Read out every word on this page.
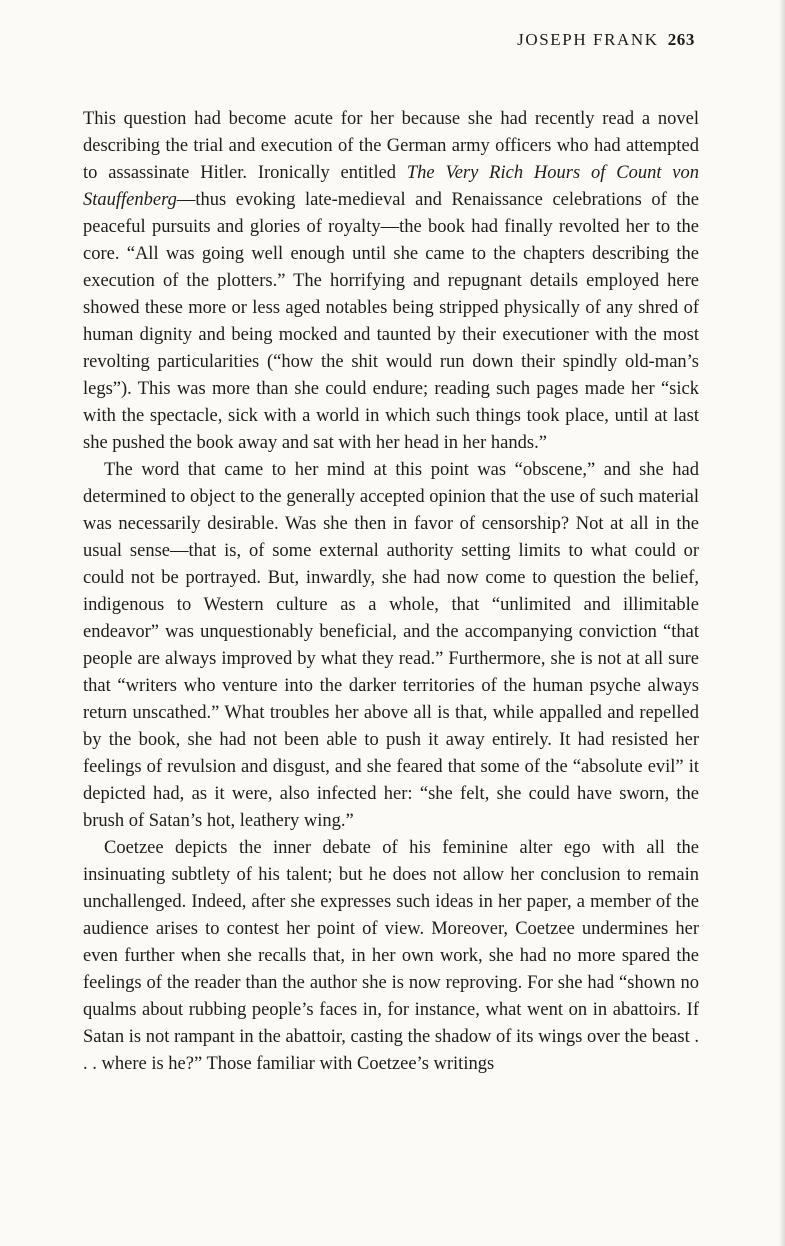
JOSEPH FRANK 263

This question had become acute for her because she had recently read a novel describing the trial and execution of the German army officers who had attempted to assassinate Hitler. Ironically entitled The Very Rich Hours of Count von Stauffenberg—thus evoking late-medieval and Renaissance celebrations of the peaceful pursuits and glories of royalty—the book had finally revolted her to the core. “All was going well enough until she came to the chapters describing the execution of the plotters.” The horrifying and repugnant details employed here showed these more or less aged notables being stripped physically of any shred of human dignity and being mocked and taunted by their executioner with the most revolting particularities (“how the shit would run down their spindly old-man’s legs”). This was more than she could endure; reading such pages made her “sick with the spectacle, sick with a world in which such things took place, until at last she pushed the book away and sat with her head in her hands.”

The word that came to her mind at this point was “obscene,” and she had determined to object to the generally accepted opinion that the use of such material was necessarily desirable. Was she then in favor of censorship? Not at all in the usual sense—that is, of some external authority setting limits to what could or could not be portrayed. But, inwardly, she had now come to question the belief, indigenous to Western culture as a whole, that “unlimited and illimitable endeavor” was unquestionably beneficial, and the accompanying conviction “that people are always improved by what they read.” Furthermore, she is not at all sure that “writers who venture into the darker territories of the human psyche always return unscathed.” What troubles her above all is that, while appalled and repelled by the book, she had not been able to push it away entirely. It had resisted her feelings of revulsion and disgust, and she feared that some of the “absolute evil” it depicted had, as it were, also infected her: “she felt, she could have sworn, the brush of Satan’s hot, leathery wing.”

Coetzee depicts the inner debate of his feminine alter ego with all the insinuating subtlety of his talent; but he does not allow her conclusion to remain unchallenged. Indeed, after she expresses such ideas in her paper, a member of the audience arises to contest her point of view. Moreover, Coetzee undermines her even further when she recalls that, in her own work, she had no more spared the feelings of the reader than the author she is now reproving. For she had “shown no qualms about rubbing people’s faces in, for instance, what went on in abattoirs. If Satan is not rampant in the abattoir, casting the shadow of its wings over the beast . . . where is he?” Those familiar with Coetzee’s writings
